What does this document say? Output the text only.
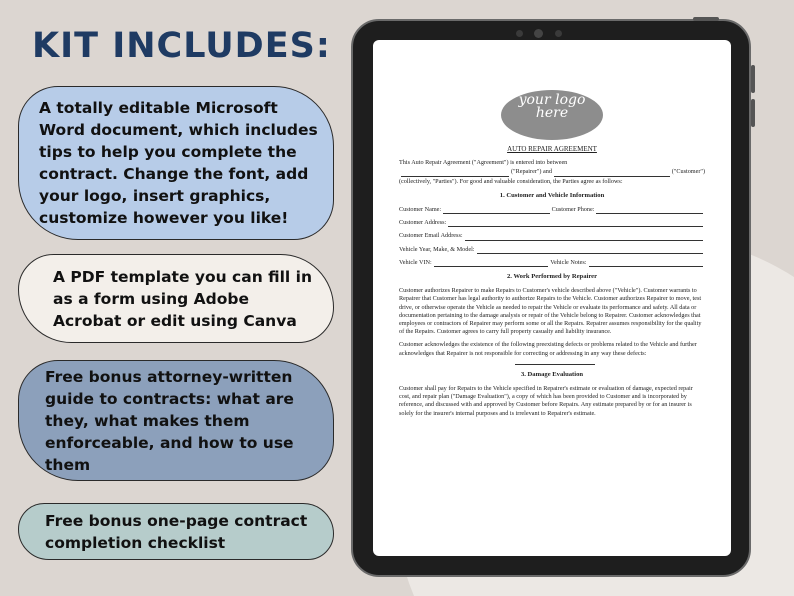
KIT INCLUDES:
A totally editable Microsoft Word document, which includes tips to help you complete the contract. Change the font, add your logo, insert graphics, customize however you like!
A PDF template you can fill in as a form using Adobe Acrobat or edit using Canva
Free bonus attorney-written guide to contracts: what are they, what makes them enforceable, and how to use them
Free bonus one-page contract completion checklist
your logo here
AUTO REPAIR AGREEMENT

This Auto Repair Agreement ("Agreement") is entered into between

("Repairer") and	("Customer")

(collectively, "Parties"). For good and valuable consideration, the Parties agree as follows:

1. Customer and Vehicle Information
Customer Name:	Customer Phone:
Customer Address:
Customer Email Address:
Vehicle Year, Make, & Model:
Vehicle VIN:	Vehicle Notes:
2. Work Performed by Repairer

Customer authorizes Repairer to make Repairs to Customer's vehicle described above ("Vehicle"). Customer warrants to Repairer that Customer has legal authority to authorize Repairs to the Vehicle. Customer authorizes Repairer to move, test drive, or otherwise operate the Vehicle as needed to repair the Vehicle or evaluate its performance and safety. All data or documentation pertaining to the damage analysis or repair of the Vehicle belong to Repairer. Customer acknowledges that employees or contractors of Repairer may perform some or all the Repairs. Repairer assumes responsibility for the quality of the Repairs. Customer agrees to carry full property casualty and liability insurance.

Customer acknowledges the existence of the following preexisting defects or problems related to the Vehicle and further acknowledges that Repairer is not responsible for correcting or addressing in any way these defects:

3. Damage Evaluation

Customer shall pay for Repairs to the Vehicle specified in Repairer's estimate or evaluation of damage, expected repair cost, and repair plan ("Damage Evaluation"), a copy of which has been provided to Customer and is incorporated by reference, and discussed with and approved by Customer before Repairs. Any estimate prepared by or for an insurer is solely for the insurer's internal purposes and is irrelevant to Repairer's estimate.
